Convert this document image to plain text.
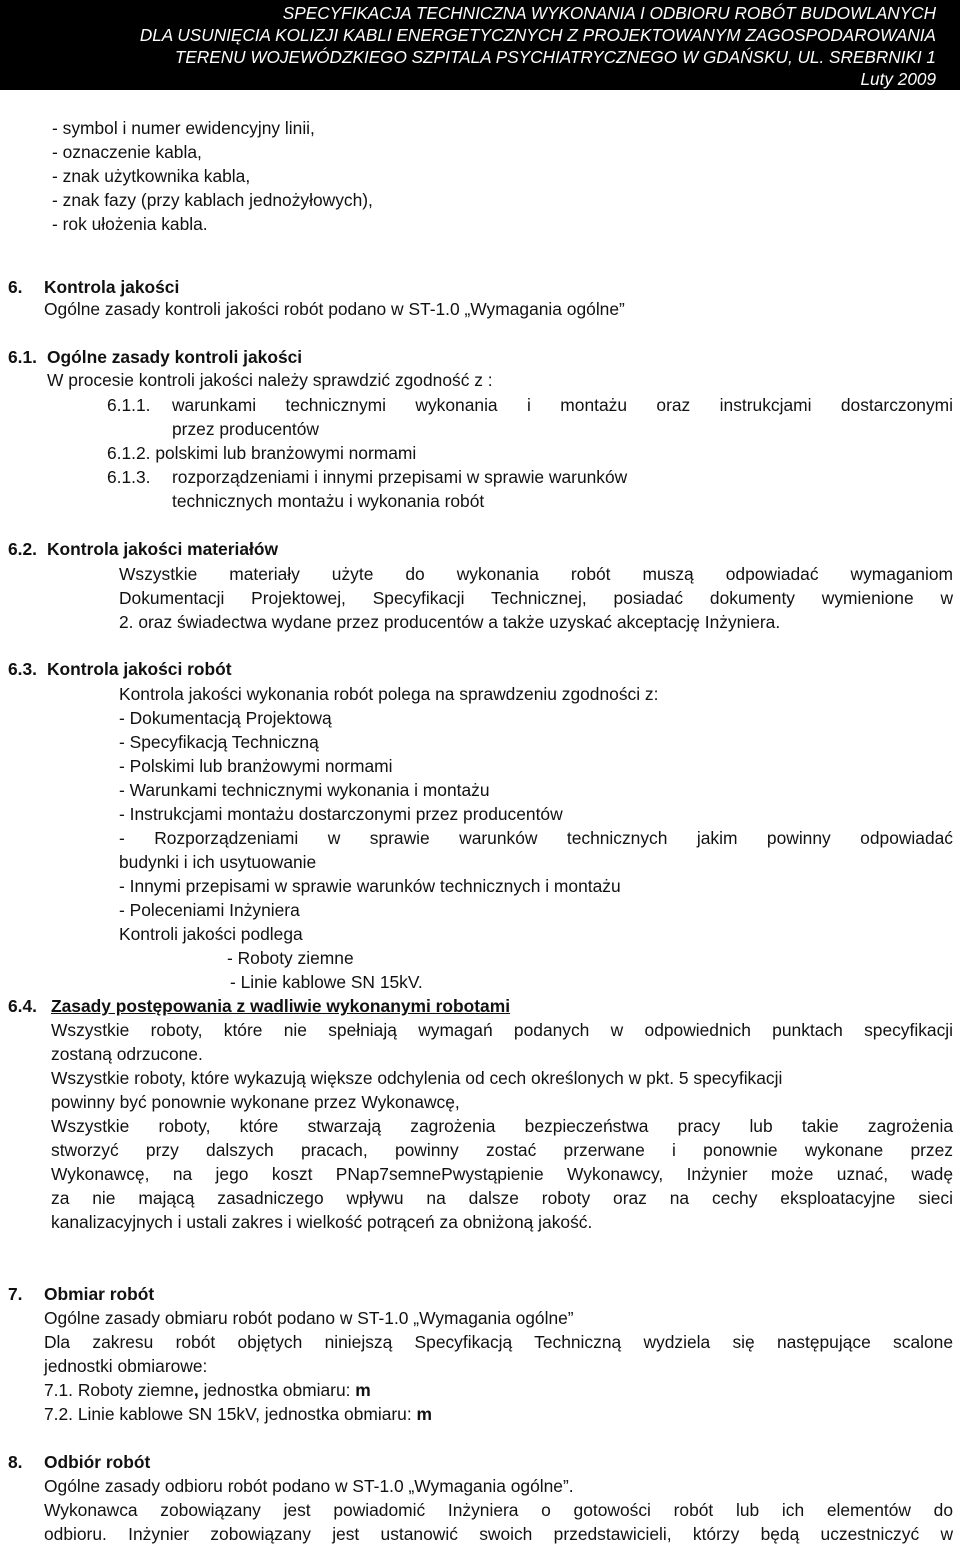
SPECYFIKACJA TECHNICZNA WYKONANIA I ODBIORU ROBÓT BUDOWLANYCH
DLA USUNIĘCIA KOLIZJI KABLI ENERGETYCZNYCH Z PROJEKTOWANYM ZAGOSPODAROWANIA
TERENU WOJEWÓDZKIEGO SZPITALA PSYCHIATRYCZNEGO W GDAŃSKU, UL. SREBRNIKI 1
Luty 2009
- symbol i numer ewidencyjny linii,
- oznaczenie kabla,
- znak użytkownika kabla,
- znak fazy (przy kablach jednożyłowych),
- rok ułożenia kabla.
6. Kontrola jakości
Ogólne zasady kontroli jakości robót podano w ST-1.0 „Wymagania ogólne”
6.1. Ogólne zasady kontroli jakości
W procesie kontroli jakości należy sprawdzić zgodność z :
6.1.1. warunkami technicznymi wykonania i montażu oraz instrukcjami dostarczonymi
przez producentów
6.1.2. polskimi lub branżowymi normami
6.1.3. rozporządzeniami i innymi przepisami w sprawie warunków
technicznych montażu i wykonania robót
6.2. Kontrola jakości materiałów
Wszystkie materiały użyte do wykonania robót muszą odpowiadać wymaganiom
Dokumentacji Projektowej, Specyfikacji Technicznej, posiadać dokumenty wymienione w
2. oraz świadectwa wydane przez producentów a także uzyskać akceptację Inżyniera.
6.3. Kontrola jakości robót
Kontrola jakości wykonania robót polega na sprawdzeniu zgodności z:
- Dokumentacją Projektową
- Specyfikacją Techniczną
- Polskimi lub branżowymi normami
- Warunkami technicznymi wykonania i montażu
- Instrukcjami montażu dostarczonymi przez producentów
- Rozporządzeniami w sprawie warunków technicznych jakim powinny odpowiadać
budynki i ich usytuowanie
- Innymi przepisami w sprawie warunków technicznych i montażu
- Poleceniami Inżyniera
Kontroli jakości podlega
- Roboty ziemne
- Linie kablowe SN 15kV.
6.4. Zasady postępowania z wadliwie wykonanymi robotami
Wszystkie roboty, które nie spełniają wymagań podanych w odpowiednich punktach specyfikacji
zostaną odrzucone.
Wszystkie roboty, które wykazują większe odchylenia od cech określonych w pkt. 5 specyfikacji
powinny być ponownie wykonane przez Wykonawcę,
Wszystkie roboty, które stwarzają zagrożenia bezpieczeństwa pracy lub takie zagrożenia
stworzyć przy dalszych pracach, powinny zostać przerwane i ponownie wykonane przez
Wykonawcę, na jego koszt PNap7semnePwystąpienie Wykonawcy, Inżynier może uznać, wadę
za nie mającą zasadniczego wpływu na dalsze roboty oraz na cechy eksploatacyjne sieci
kanalizacyjnych i ustali zakres i wielkość potrąceń za obniżoną jakość.
7. Obmiar robót
Ogólne zasady obmiaru robót podano w ST-1.0 „Wymagania ogólne”
Dla zakresu robót objętych niniejszą Specyfikacją Techniczną wydziela się następujące scalone
jednostki obmiarowe:
7.1. Roboty ziemne, jednostka obmiaru: m
7.2. Linie kablowe SN 15kV, jednostka obmiaru: m
8. Odbiór robót
Ogólne zasady odbioru robót podano w ST-1.0 „Wymagania ogólne”.
Wykonawca zobowiązany jest powiadomić Inżyniera o gotowości robót lub ich elementów do
odbioru. Inżynier zobowiązany jest ustanowić swoich przedstawicieli, którzy będą uczestniczyć w
